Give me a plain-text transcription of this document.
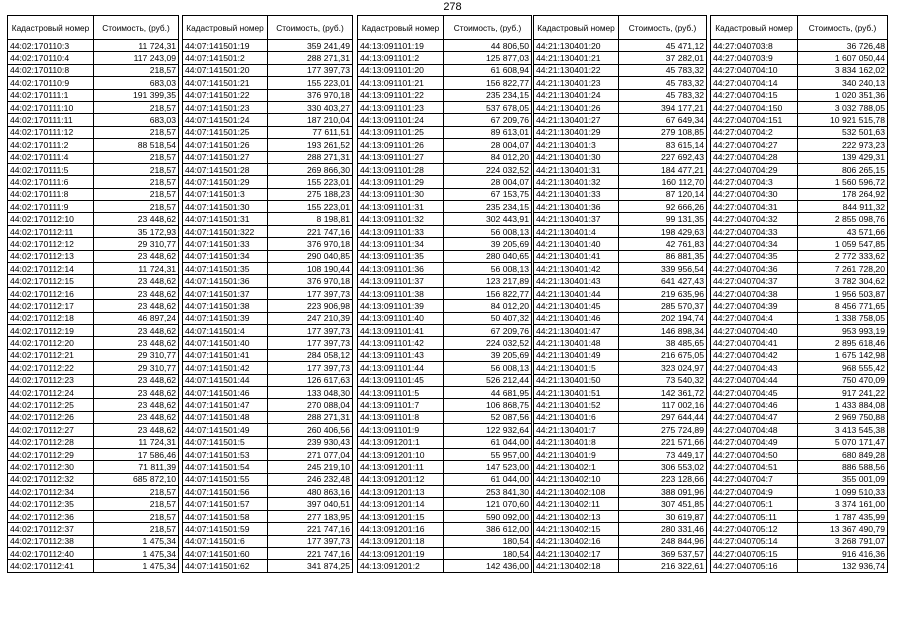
278
Кадастровый номер	Стоимость, (руб.)
44:02:170110:3	11 724,31
44:02:170110:4	117 243,09
44:02:170110:8	218,57
44:02:170110:9	683,03
44:02:170111:1	191 399,35
44:02:170111:10	218,57
44:02:170111:11	683,03
44:02:170111:12	218,57
44:02:170111:2	88 518,54
44:02:170111:4	218,57
44:02:170111:5	218,57
44:02:170111:6	218,57
44:02:170111:8	218,57
44:02:170111:9	218,57
44:02:170112:10	23 448,62
44:02:170112:11	35 172,93
44:02:170112:12	29 310,77
44:02:170112:13	23 448,62
44:02:170112:14	11 724,31
44:02:170112:15	23 448,62
44:02:170112:16	23 448,62
44:02:170112:17	23 448,62
44:02:170112:18	46 897,24
44:02:170112:19	23 448,62
44:02:170112:20	23 448,62
44:02:170112:21	29 310,77
44:02:170112:22	29 310,77
44:02:170112:23	23 448,62
44:02:170112:24	23 448,62
44:02:170112:25	23 448,62
44:02:170112:26	23 448,62
44:02:170112:27	23 448,62
44:02:170112:28	11 724,31
44:02:170112:29	17 586,46
44:02:170112:30	71 811,39
44:02:170112:32	685 872,10
44:02:170112:34	218,57
44:02:170112:35	218,57
44:02:170112:36	218,57
44:02:170112:37	218,57
44:02:170112:38	1 475,34
44:02:170112:40	1 475,34
44:02:170112:41	1 475,34
Кадастровый номер	Стоимость, (руб.)
44:07:141501:19	359 241,49
44:07:141501:2	288 271,31
44:07:141501:20	177 397,73
44:07:141501:21	155 223,01
44:07:141501:22	376 970,18
44:07:141501:23	330 403,27
44:07:141501:24	187 210,04
44:07:141501:25	77 611,51
44:07:141501:26	193 261,52
44:07:141501:27	288 271,31
44:07:141501:28	269 866,30
44:07:141501:29	155 223,01
44:07:141501:3	275 188,23
44:07:141501:30	155 223,01
44:07:141501:31	8 198,81
44:07:141501:322	221 747,16
44:07:141501:33	376 970,18
44:07:141501:34	290 040,85
44:07:141501:35	108 190,44
44:07:141501:36	376 970,18
44:07:141501:37	177 397,73
44:07:141501:38	223 906,98
44:07:141501:39	247 210,39
44:07:141501:4	177 397,73
44:07:141501:40	177 397,73
44:07:141501:41	284 058,12
44:07:141501:42	177 397,73
44:07:141501:44	126 617,63
44:07:141501:46	133 048,30
44:07:141501:47	270 088,04
44:07:141501:48	288 271,31
44:07:141501:49	260 406,56
44:07:141501:5	239 930,43
44:07:141501:53	271 077,04
44:07:141501:54	245 219,10
44:07:141501:55	246 232,48
44:07:141501:56	480 863,16
44:07:141501:57	397 040,51
44:07:141501:58	277 183,95
44:07:141501:59	221 747,16
44:07:141501:6	177 397,73
44:07:141501:60	221 747,16
44:07:141501:62	341 874,25
Кадастровый номер	Стоимость, (руб.)
44:13:091101:19	44 806,50
44:13:091101:2	125 877,03
44:13:091101:20	61 608,94
44:13:091101:21	156 822,77
44:13:091101:22	235 234,15
44:13:091101:23	537 678,05
44:13:091101:24	67 209,76
44:13:091101:25	89 613,01
44:13:091101:26	28 004,07
44:13:091101:27	84 012,20
44:13:091101:28	224 032,52
44:13:091101:29	28 004,07
44:13:091101:30	67 153,75
44:13:091101:31	235 234,15
44:13:091101:32	302 443,91
44:13:091101:33	56 008,13
44:13:091101:34	39 205,69
44:13:091101:35	280 040,65
44:13:091101:36	56 008,13
44:13:091101:37	123 217,89
44:13:091101:38	156 822,77
44:13:091101:39	84 012,20
44:13:091101:40	50 407,32
44:13:091101:41	67 209,76
44:13:091101:42	224 032,52
44:13:091101:43	39 205,69
44:13:091101:44	56 008,13
44:13:091101:45	526 212,44
44:13:091101:5	44 681,95
44:13:091101:7	106 868,75
44:13:091101:8	52 087,56
44:13:091101:9	122 932,64
44:13:091201:1	61 044,00
44:13:091201:10	55 957,00
44:13:091201:11	147 523,00
44:13:091201:12	61 044,00
44:13:091201:13	253 841,30
44:13:091201:14	121 070,60
44:13:091201:15	590 092,00
44:13:091201:16	386 612,00
44:13:091201:18	180,54
44:13:091201:19	180,54
44:13:091201:2	142 436,00
Кадастровый номер	Стоимость, (руб.)
44:21:130401:20	45 471,12
44:21:130401:21	37 282,01
44:21:130401:22	45 783,32
44:21:130401:23	45 783,32
44:21:130401:24	45 783,32
44:21:130401:26	394 177,21
44:21:130401:27	67 649,34
44:21:130401:29	279 108,85
44:21:130401:3	83 615,14
44:21:130401:30	227 692,43
44:21:130401:31	184 477,21
44:21:130401:32	160 112,70
44:21:130401:33	87 120,14
44:21:130401:36	92 666,26
44:21:130401:37	99 131,35
44:21:130401:4	198 429,63
44:21:130401:40	42 761,83
44:21:130401:41	86 881,35
44:21:130401:42	339 956,54
44:21:130401:43	641 427,43
44:21:130401:44	219 635,96
44:21:130401:45	285 570,37
44:21:130401:46	202 194,74
44:21:130401:47	146 898,34
44:21:130401:48	38 485,65
44:21:130401:49	216 675,05
44:21:130401:5	323 024,97
44:21:130401:50	73 540,32
44:21:130401:51	142 361,72
44:21:130401:52	117 002,16
44:21:130401:6	297 644,44
44:21:130401:7	275 724,89
44:21:130401:8	221 571,66
44:21:130401:9	73 449,17
44:21:130402:1	306 553,02
44:21:130402:10	223 128,66
44:21:130402:108	388 091,96
44:21:130402:11	307 451,85
44:21:130402:13	30 619,87
44:21:130402:15	280 331,46
44:21:130402:16	248 844,96
44:21:130402:17	369 537,57
44:21:130402:18	216 322,61
Кадастровый номер	Стоимость, (руб.)
44:27:040703:8	36 726,48
44:27:040703:9	1 607 050,44
44:27:040704:10	3 834 162,02
44:27:040704:14	340 240,13
44:27:040704:15	1 020 351,36
44:27:040704:150	3 032 788,05
44:27:040704:151	10 921 515,78
44:27:040704:2	532 501,63
44:27:040704:27	222 973,23
44:27:040704:28	139 429,31
44:27:040704:29	806 265,15
44:27:040704:3	1 560 596,72
44:27:040704:30	178 264,92
44:27:040704:31	844 911,32
44:27:040704:32	2 855 098,76
44:27:040704:33	43 571,66
44:27:040704:34	1 059 547,85
44:27:040704:35	2 772 333,62
44:27:040704:36	7 261 728,20
44:27:040704:37	3 782 304,62
44:27:040704:38	1 956 503,87
44:27:040704:39	8 456 771,65
44:27:040704:4	1 338 758,05
44:27:040704:40	953 993,19
44:27:040704:41	2 895 618,46
44:27:040704:42	1 675 142,98
44:27:040704:43	968 555,42
44:27:040704:44	750 470,09
44:27:040704:45	917 241,22
44:27:040704:46	1 433 884,08
44:27:040704:47	2 969 750,88
44:27:040704:48	3 413 545,38
44:27:040704:49	5 070 171,47
44:27:040704:50	680 849,28
44:27:040704:51	886 588,56
44:27:040704:7	355 001,09
44:27:040704:9	1 099 510,33
44:27:040705:1	3 374 161,00
44:27:040705:11	1 787 435,99
44:27:040705:12	13 367 490,79
44:27:040705:14	3 268 791,07
44:27:040705:15	916 416,36
44:27:040705:16	132 936,74
